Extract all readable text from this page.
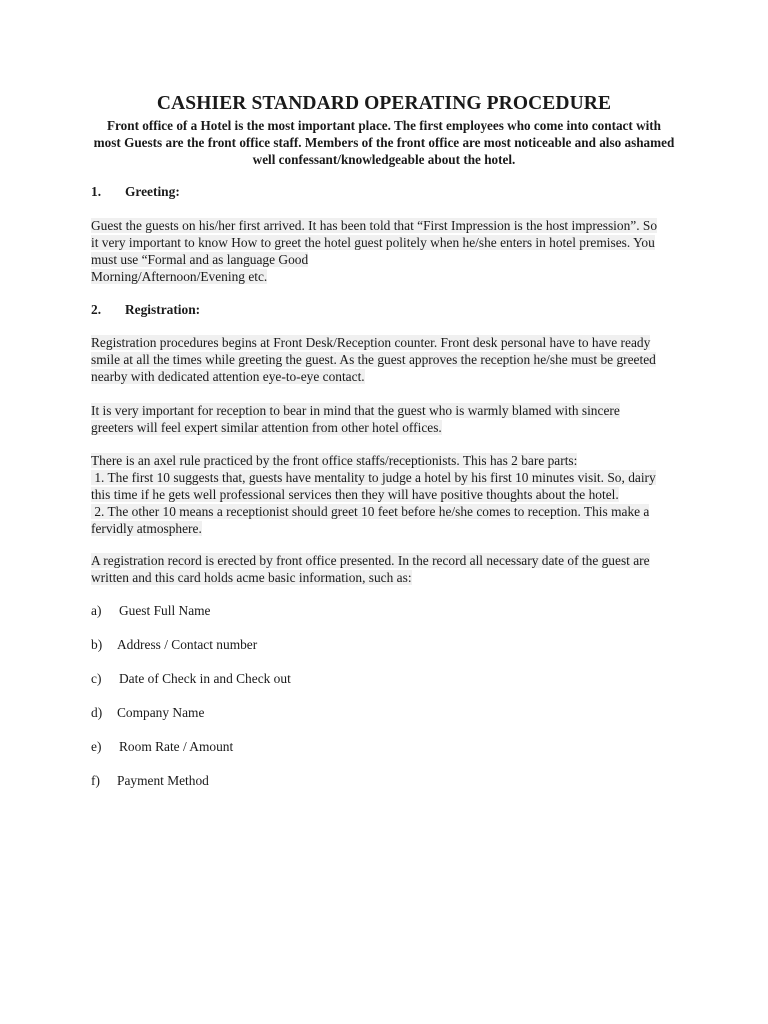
CASHIER STANDARD OPERATING PROCEDURE
Front office of a Hotel is the most important place. The first employees who come into contact with most Guests are the front office staff. Members of the front office are most noticeable and also ashamed well confessant/knowledgeable about the hotel.
1. Greeting:
Guest the guests on his/her first arrived. It has been told that “First Impression is the host impression”. So
it very important to know How to greet the hotel guest politely when he/she enters in hotel premises. You
must use “Formal and as language Good
Morning/Afternoon/Evening etc.
2. Registration:
Registration procedures begins at Front Desk/Reception counter. Front desk personal have to have ready
smile at all the times while greeting the guest. As the guest approves the reception he/she must be greeted
nearby with dedicated attention eye-to-eye contact.
It is very important for reception to bear in mind that the guest who is warmly blamed with sincere
greeters will feel expert similar attention from other hotel offices.
There is an axel rule practiced by the front office staffs/receptionists. This has 2 bare parts:
1. The first 10 suggests that, guests have mentality to judge a hotel by his first 10 minutes visit. So, dairy
this time if he gets well professional services then they will have positive thoughts about the hotel.
2. The other 10 means a receptionist should greet 10 feet before he/she comes to reception. This make a
fervidly atmosphere.
A registration record is erected by front office presented. In the record all necessary date of the guest are
written and this card holds acme basic information, such as:
a) Guest Full Name
b) Address / Contact number
c) Date of Check in and Check out
d) Company Name
e) Room Rate / Amount
f) Payment Method
